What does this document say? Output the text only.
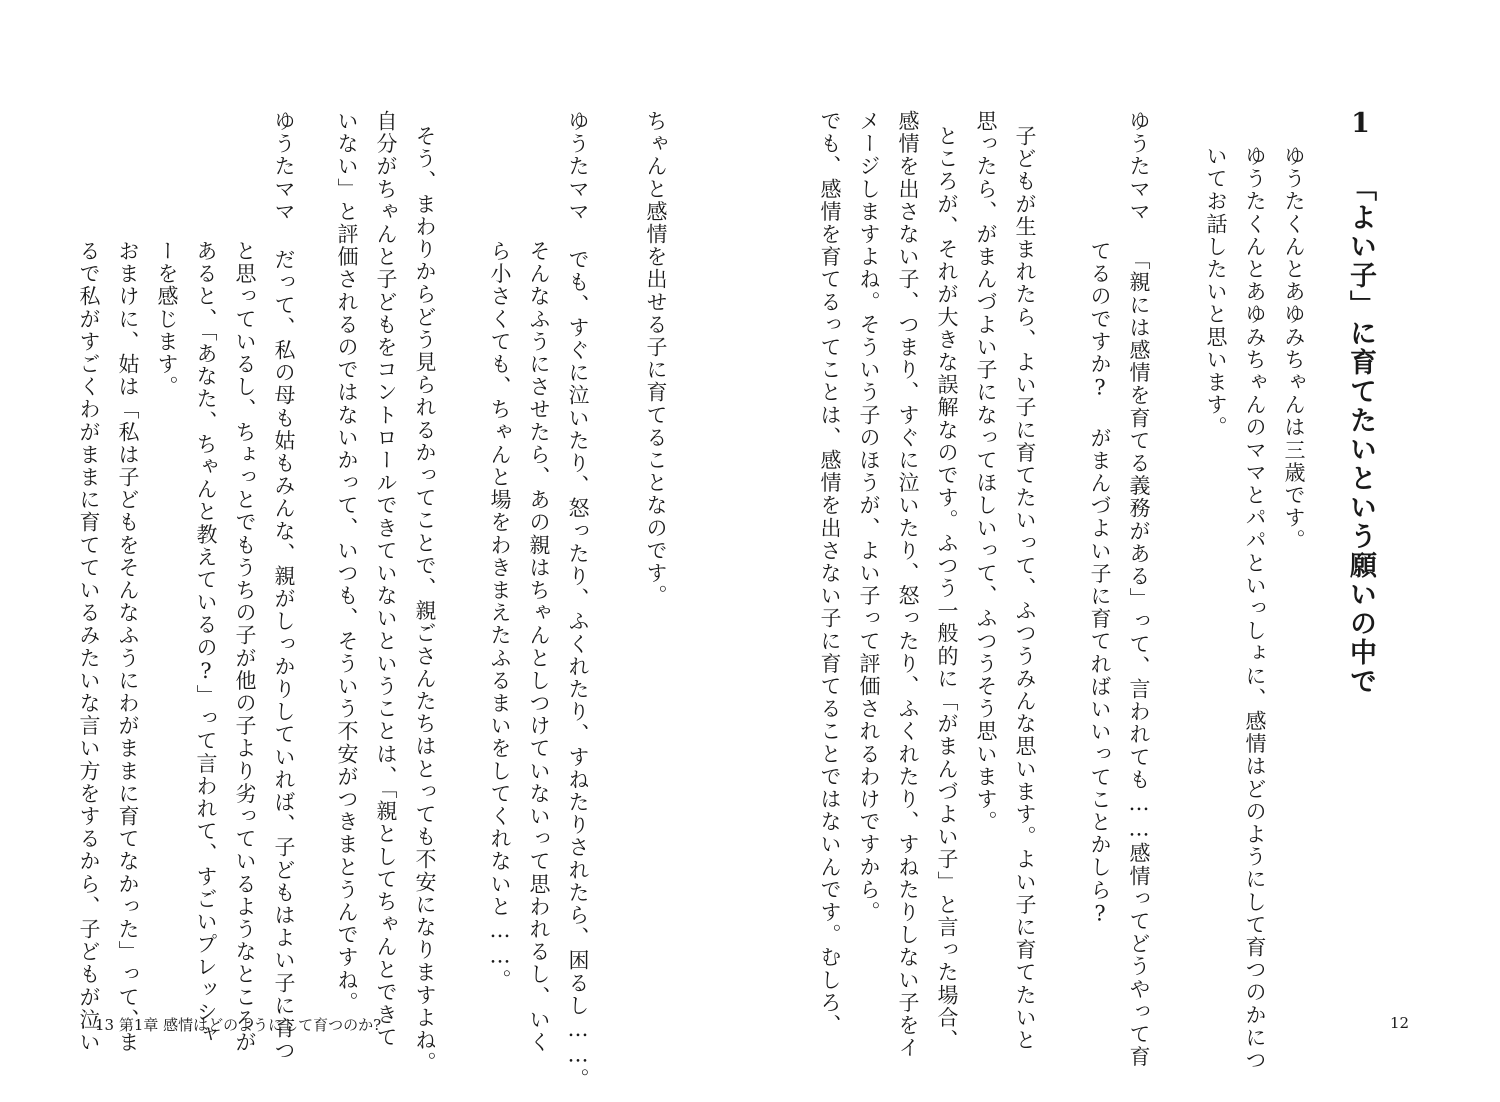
1 「よい子」に育てたいという願いの中で
ゆうたくんとあゆみちゃんは三歳です。
ゆうたくんとあゆみちゃんのママとパパといっしょに、感情はどのようにして育つのかにつ
いてお話したいと思います。
ゆうたママ 「親には感情を育てる義務がある」って、言われても……感情ってどうやって育
てるのですか? がまんづよい子に育てればいいってことかしら?
子どもが生まれたら、よい子に育てたいって、ふつうみんな思います。よい子に育てたいと
思ったら、がまんづよい子になってほしいって、ふつうそう思います。
ところが、それが大きな誤解なのです。ふつう一般的に「がまんづよい子」と言った場合、
感情を出さない子、つまり、すぐに泣いたり、怒ったり、ふくれたり、すねたりしない子をイ
メージしますよね。そういう子のほうが、よい子って評価されるわけですから。
でも、感情を育てるってことは、感情を出さない子に育てることではないんです。むしろ、
ちゃんと感情を出せる子に育てることなのです。
ゆうたママ でも、すぐに泣いたり、怒ったり、ふくれたり、すねたりされたら、困るし……。
そんなふうにさせたら、あの親はちゃんとしつけていないって思われるし、いく
ら小さくても、ちゃんと場をわきまえたふるまいをしてくれないと……。
そう、まわりからどう見られるかってことで、親ごさんたちはとっても不安になりますよね。
自分がちゃんと子どもをコントロールできていないということは、「親としてちゃんとできて
いない」と評価されるのではないかって、いつも、そういう不安がつきまとうんですね。
ゆうたママ だって、私の母も姑もみんな、親がしっかりしていれば、子どもはよい子に育つ
と思っているし、ちょっとでもうちの子が他の子より劣っているようなところが
あると、「あなた、ちゃんと教えているの?」って言われて、すごいプレッシャ
ーを感じます。
おまけに、姑は「私は子どもをそんなふうにわがままに育てなかった」って、ま
るで私がすごくわがままに育てているみたいな言い方をするから、子どもが泣い
13 第1章 感情はどのようにして育つのか?	12
